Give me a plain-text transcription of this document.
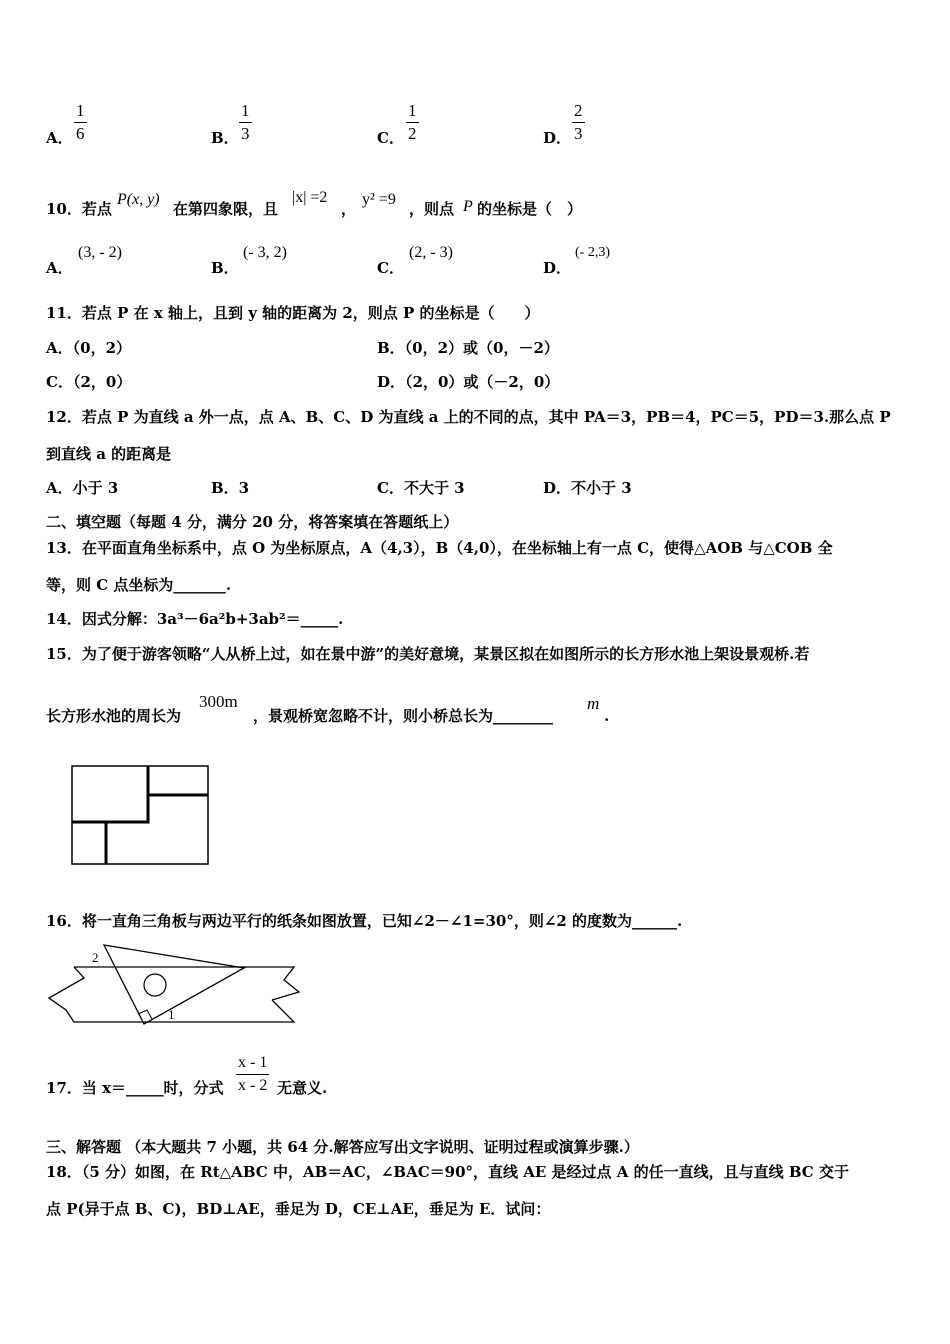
A．
1
6	B．
1
3	C．
1
2	D．
2
3
10．若点
P(x, y)
在第四象限，且
|x| =2
，
y² =9
，则点 P 的坐标是（　）
A．
(3, - 2)
B．
(- 3, 2)
C．
(2, - 3)
D．
(- 2,3)
11．若点 P 在 x 轴上，且到 y 轴的距离为 2，则点 P 的坐标是（　　）
A．（0，2）	B．（0，2）或（0，－2）
C．（2，0）	D．（2，0）或（－2，0）
12．若点 P 为直线 a 外一点，点 A、B、C、D 为直线 a 上的不同的点，其中 PA＝3，PB＝4，PC＝5，PD＝3.那么点 P
到直线 a 的距离是
A．小于 3	B．3	C．不大于 3	D．不小于 3
二、填空题（每题 4 分，满分 20 分，将答案填在答题纸上）
13．在平面直角坐标系中，点 O 为坐标原点，A（4,3），B（4,0），在坐标轴上有一点 C，使得△AOB 与△COB 全
等，则 C 点坐标为_______.
14．因式分解：3a³－6a²b+3ab²＝_____.
15．为了便于游客领略“人从桥上过，如在景中游”的美好意境，某景区拟在如图所示的长方形水池上架设景观桥.若
长方形水池的周长为
300m
，景观桥宽忽略不计，则小桥总长为________
m
.
16．将一直角三角板与两边平行的纸条如图放置，已知∠2－∠1=30°，则∠2 的度数为______.
2
1
17．当 x＝_____时，分式
x - 1
x - 2 无意义.
三、解答题 （本大题共 7 小题，共 64 分.解答应写出文字说明、证明过程或演算步骤.）
18．（5 分）如图，在 Rt△ABC 中，AB＝AC，∠BAC＝90°，直线 AE 是经过点 A 的任一直线，且与直线 BC 交于
点 P(异于点 B、C)，BD⊥AE，垂足为 D，CE⊥AE，垂足为 E．试问：
